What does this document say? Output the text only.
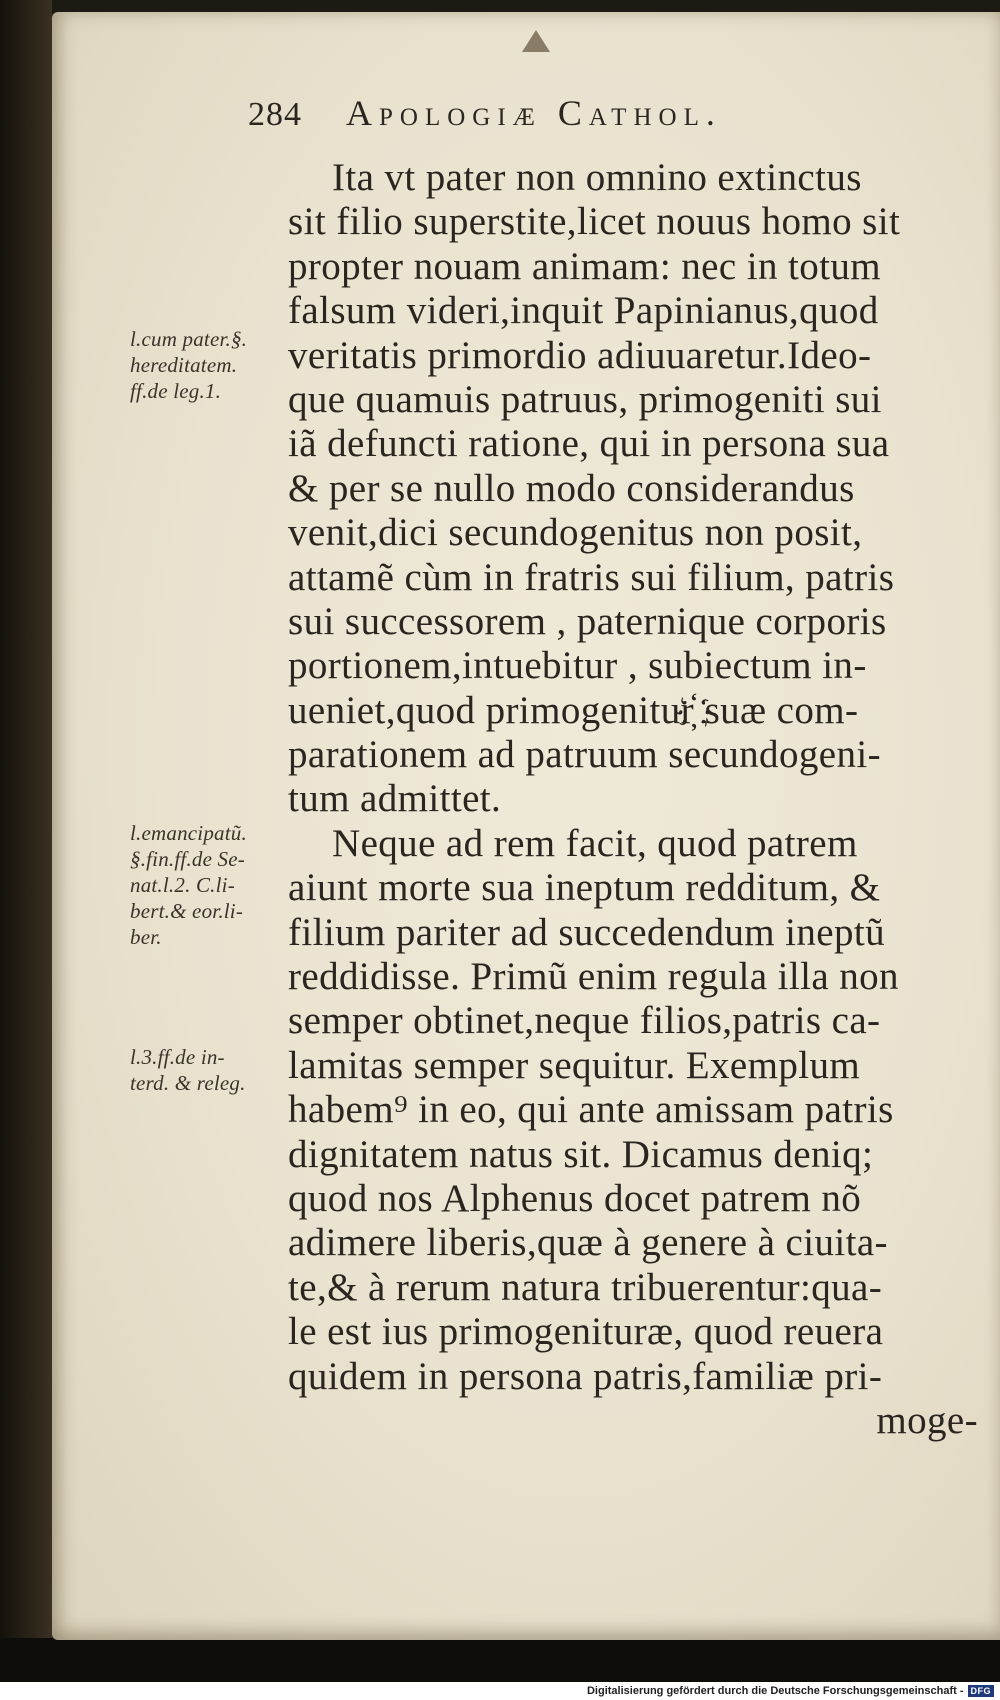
284 Apologiæ Cathol.
Ita vt pater non omnino extinctus
sit filio superstite,licet nouus homo sit
propter nouam animam: nec in totum
falsum videri,inquit Papinianus,quod
veritatis primordio adiuuaretur.Ideo-
que quamuis patruus, primogeniti sui
iã defuncti ratione, qui in persona sua
& per se nullo modo considerandus
venit,dici secundogenitus non posit,
attamẽ cùm in fratris sui filium, patris
sui successorem , paternique corporis
portionem,intuebitur , subiectum in-
ueniet,quod primogenitur҉ suæ com-
parationem ad patruum secundogeni-
tum admittet.
Neque ad rem facit, quod patrem
aiunt morte sua ineptum redditum, &
filium pariter ad succedendum ineptũ
reddidisse. Primũ enim regula illa non
semper obtinet,neque filios,patris ca-
lamitas semper sequitur. Exemplum
habem⁹ in eo, qui ante amissam patris
dignitatem natus sit. Dicamus deniq;
quod nos Alphenus docet patrem nõ
adimere liberis,quæ à genere à ciuita-
te,& à rerum natura tribuerentur:qua-
le est ius primogenituræ, quod reuera
quidem in persona patris,familiæ pri-
moge-
l.cum pater.§.
hereditatem.
ff.de leg.1.
l.emancipatũ.
§.fin.ff.de Se-
nat.l.2. C.li-
bert.& eor.li-
ber.
l.3.ff.de in-
terd. & releg.
Digitalisierung gefördert durch die Deutsche Forschungsgemeinschaft - DFG
